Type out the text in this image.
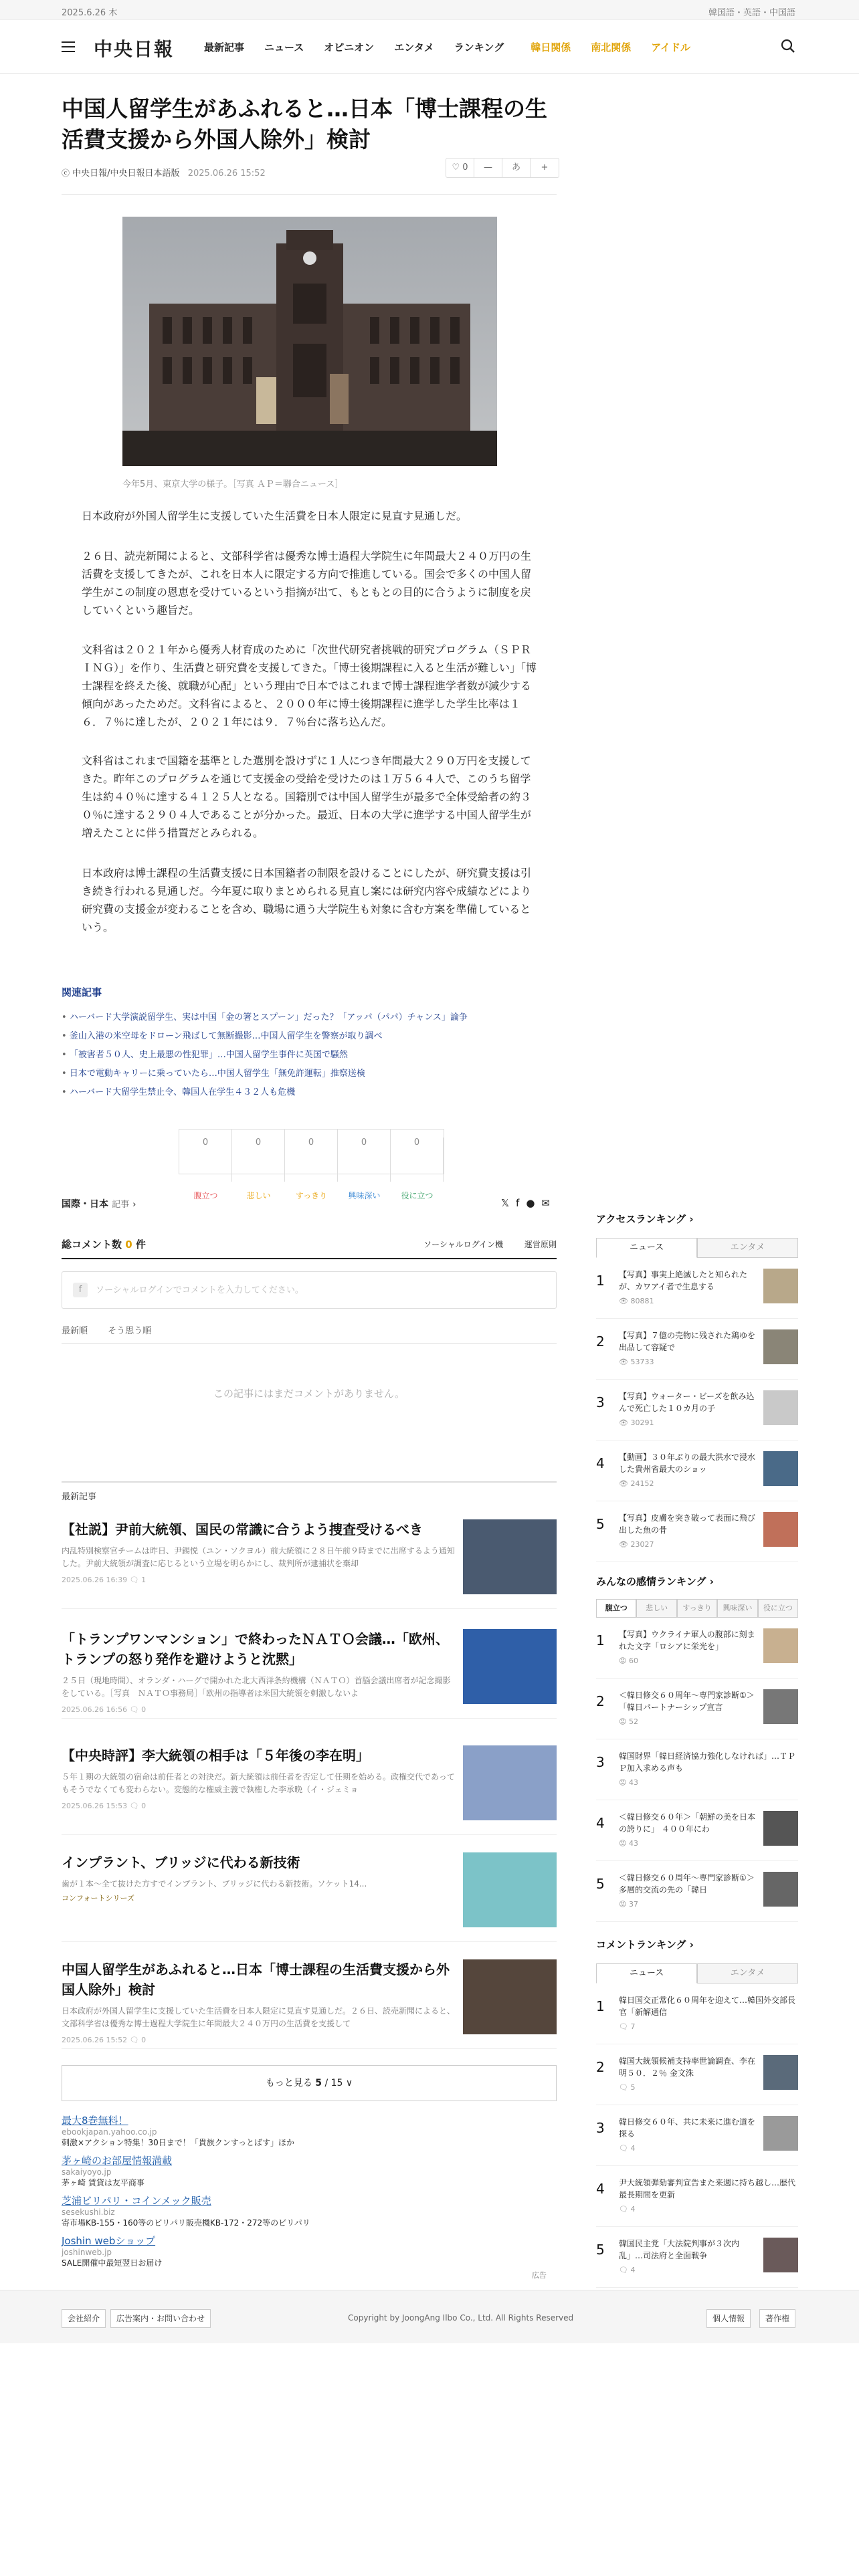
2025.6.26 木	韓国語・英語・中国語
中央日報	最新記事 ニュース オピニオン エンタメ ランキング	韓日関係 南北関係 アイドル
中国人留学生があふれると…日本「博士課程の生活費支援から外国人除外」検討
ⓒ 中央日報/中央日報日本語版 2025.06.26 15:52
♡ 0	—	あ	+
今年5月、東京大学の様子。［写真 ＡＰ＝聯合ニュース］

日本政府が外国人留学生に支援していた生活費を日本人限定に見直す見通しだ。

２６日、読売新聞によると、文部科学省は優秀な博士過程大学院生に年間最大２４０万円の生活費を支援してきたが、これを日本人に限定する方向で推進している。国会で多くの中国人留学生がこの制度の恩恵を受けているという指摘が出て、もともとの目的に合うように制度を戻していくという趣旨だ。

文科省は２０２１年から優秀人材育成のために「次世代研究者挑戦的研究プログラム（ＳＰＲＩＮＧ）」を作り、生活費と研究費を支援してきた。「博士後期課程に入ると生活が難しい」「博士課程を終えた後、就職が心配」という理由で日本ではこれまで博士課程進学者数が減少する傾向があったためだ。文科省によると、２０００年に博士後期課程に進学した学生比率は１６．７％に達したが、２０２１年には９．７％台に落ち込んだ。

文科省はこれまで国籍を基準とした選別を設けずに１人につき年間最大２９０万円を支援してきた。昨年このプログラムを通じて支援金の受給を受けたのは１万５６４人で、このうち留学生は約４０％に達する４１２５人となる。国籍別では中国人留学生が最多で全体受給者の約３０％に達する２９０４人であることが分かった。最近、日本の大学に進学する中国人留学生が増えたことに伴う措置だとみられる。

日本政府は博士課程の生活費支援に日本国籍者の制限を設けることにしたが、研究費支援は引き続き行われる見通しだ。今年夏に取りまとめられる見直し案には研究内容や成績などにより研究費の支援金が変わることを含め、職場に通う大学院生も対象に含む方案を準備しているという。

関連記事
• ハーバード大学演説留学生、実は中国「金の箸とスプーン」だった？「アッパ（パパ）チャンス」論争
• 釜山入港の米空母をドローン飛ばして無断撮影…中国人留学生を警察が取り調べ
• 「被害者５０人、史上最悪の性犯罪」…中国人留学生事件に英国で騒然
• 日本で電動キャリーに乗っていたら…中国人留学生「無免許運転」推察送検
• ハーバード大留学生禁止令、韓国人在学生４３２人も危機
0
腹立つ
0
悲しい
0
すっきり
0
興味深い
0
役に立つ
国際・日本 記事 ›	𝕏f●✉
総コメント数 0 件	ソーシャルログイン機	運営原則
f	ソーシャルログインでコメントを入力してください。
最新順 そう思う順
この記事にはまだコメントがありません。
最新記事
【社説】尹前大統領、国民の常識に合うよう捜査受けるべき
内乱特別検察官チームは昨日、尹錫悦（ユン・ソクヨル）前大統領に２８日午前９時までに出席するよう通知した。尹前大統領が調査に応じるという立場を明らかにし、裁判所が逮捕状を棄却
2025.06.26 16:39 🗨 1
「トランプワンマンション」で終わったＮＡＴＯ会議…「欧州、トランプの怒り発作を避けようと沈黙」
２５日（現地時間）、オランダ・ハーグで開かれた北大西洋条約機構（ＮＡＴＯ）首脳会議出席者が記念撮影をしている。［写真　ＮＡＴＯ事務局］「欧州の指導者は米国大統領を刺激しないよ
2025.06.26 16:56 🗨 0
【中央時評】李大統領の相手は「５年後の李在明」
５年１期の大統領の宿命は前任者との対決だ。新大統領は前任者を否定して任期を始める。政権交代であってもそうでなくても変わらない。変態的な権威主義で執権した李承晩（イ・ジェミョ
2025.06.26 15:53 🗨 0
インプラント、ブリッジに代わる新技術
歯が１本〜全て抜けた方すでインプラント、ブリッジに代わる新技術。ソケット14...
コンフォートシリーズ
中国人留学生があふれると…日本「博士課程の生活費支援から外国人除外」検討
日本政府が外国人留学生に支援していた生活費を日本人限定に見直す見通しだ。２６日、読売新聞によると、文部科学省は優秀な博士過程大学院生に年間最大２４０万円の生活費を支援して
2025.06.26 15:52 🗨 0
もっと見る 5 / 15 ∨
最大8巻無料！
ebookjapan.yahoo.co.jp
刺激×アクション特集！30日まで！「貴族クンすっとばす」ほか
茅ヶ崎のお部屋情報満載
sakaiyoyo.jp
茅ヶ崎 賃貸は友平商事
芝浦ビリパリ・コインメック販売
sesekushi.biz
寄市場KB-155・160等のビリパリ販売機KB-172・272等のビリパリ
Joshin webショップ
joshinweb.jp
SALE開催中最短翌日お届け
広告
アクセスランキング ›
ニュース	エンタメ
1	【写真】事実上絶滅したと知られたが、カワアイ者で生息する
👁 80881
2	【写真】７億の売物に残された鶏ゆを出品して容疑で
👁 53733
3	【写真】ウォーター・ビーズを飲み込んで死亡した１０カ月の子
👁 30291
4	【動画】３０年ぶりの最大洪水で浸水した貴州省最大のショッ
👁 24152
5	【写真】皮膚を突き破って表面に飛び出した魚の骨
👁 23027
みんなの感情ランキング ›
腹立つ	悲しい	すっきり	興味深い	役に立つ
1	【写真】ウクライナ軍人の腹部に刻まれた文字「ロシアに栄光を」
😡 60
2	＜韓日修交６０周年～専門家診断①＞「韓日パートナーシップ宣言
😡 52
3	韓国財界「韓日経済協力強化しなければ」…ＴＰＰ加入求める声も
😡 43
4	＜韓日修交６０年＞「朝鮮の美を日本の誇りに」 ４００年にわ
😡 43
5	＜韓日修交６０周年～専門家診断①＞多層的交流の先の「韓日
😡 37
コメントランキング ›
ニュース	エンタメ
1	韓日国交正常化６０周年を迎えて…韓国外交部長官「新解通信
🗨 7
2	韓国大統領候補支持率世論調査、李在明５０．２％ 金文洙
🗨 5
3	韓日修交６０年、共に未来に進む道を探る
🗨 4
4	尹大統領弾劾審判宣告また来週に持ち越し…歴代最長期間を更新
🗨 4
5	韓国民主党「大法院判事が３次内乱」…司法府と全面戦争
🗨 4
会社紹介	広告案内・お問い合わせ	Copyright by JoongAng Ilbo Co., Ltd. All Rights Reserved	個人情報	著作権
